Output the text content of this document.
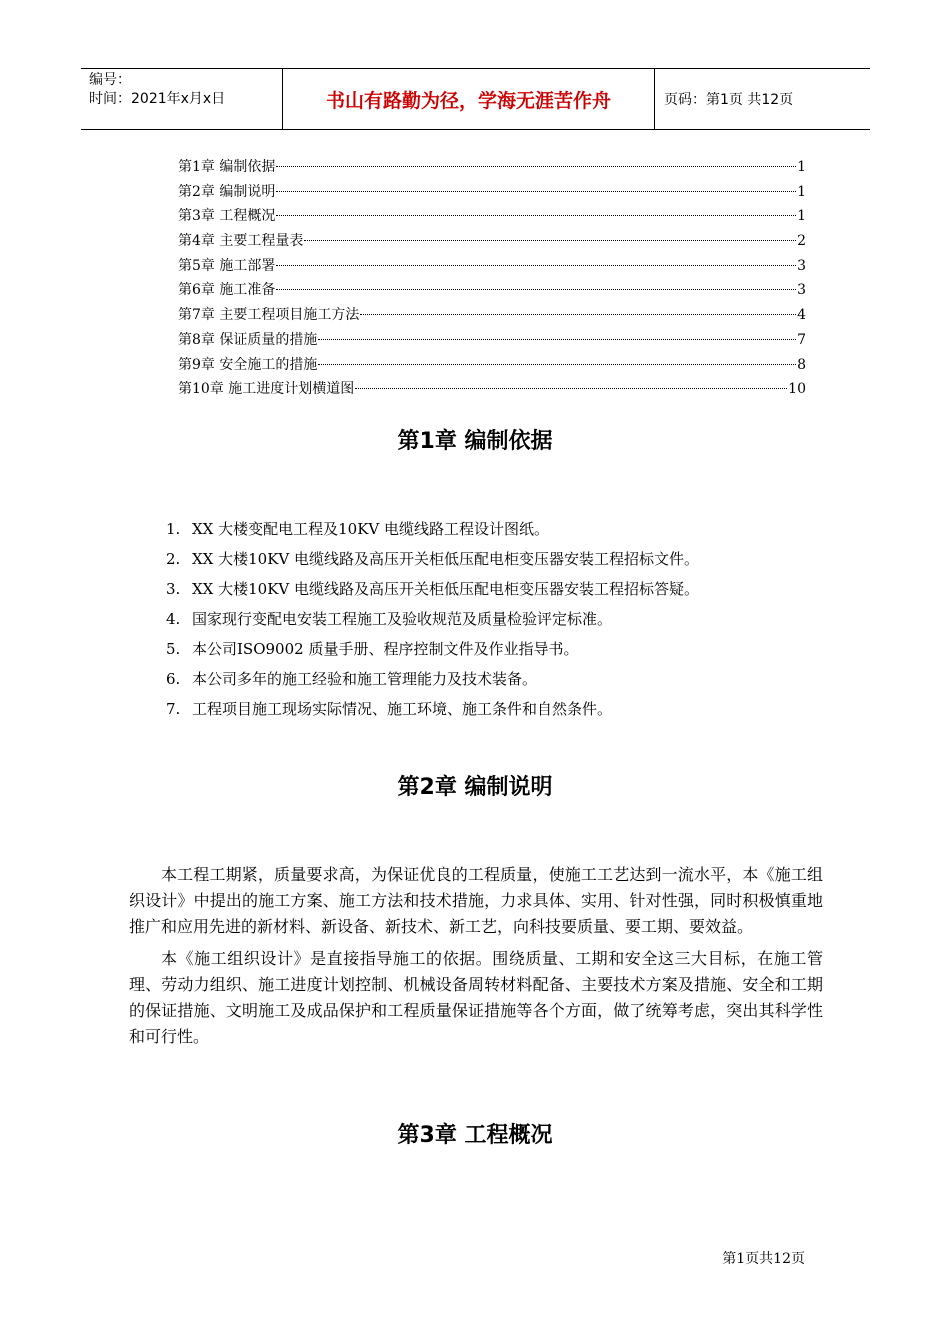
编号：
时间：2021年x月x日	书山有路勤为径，学海无涯苦作舟	页码：第1页 共12页
第1章 编制依据	1
第2章 编制说明	1
第3章 工程概况	1
第4章 主要工程量表	2
第5章 施工部署	3
第6章 施工准备	3
第7章 主要工程项目施工方法	4
第8章 保证质量的措施	7
第9章 安全施工的措施	8
第10章 施工进度计划横道图	10
第1章 编制依据
1. XX 大楼变配电工程及10KV 电缆线路工程设计图纸。
2. XX 大楼10KV 电缆线路及高压开关柜低压配电柜变压器安装工程招标文件。
3. XX 大楼10KV 电缆线路及高压开关柜低压配电柜变压器安装工程招标答疑。
4. 国家现行变配电安装工程施工及验收规范及质量检验评定标准。
5. 本公司ISO9002 质量手册、程序控制文件及作业指导书。
6. 本公司多年的施工经验和施工管理能力及技术装备。
7. 工程项目施工现场实际情况、施工环境、施工条件和自然条件。
第2章 编制说明

本工程工期紧，质量要求高，为保证优良的工程质量，使施工工艺达到一流水平，本《施工组织设计》中提出的施工方案、施工方法和技术措施，力求具体、实用、针对性强，同时积极慎重地推广和应用先进的新材料、新设备、新技术、新工艺，向科技要质量、要工期、要效益。

本《施工组织设计》是直接指导施工的依据。围绕质量、工期和安全这三大目标，在施工管理、劳动力组织、施工进度计划控制、机械设备周转材料配备、主要技术方案及措施、安全和工期的保证措施、文明施工及成品保护和工程质量保证措施等各个方面，做了统筹考虑，突出其科学性和可行性。

第3章 工程概况
第1页共12页
